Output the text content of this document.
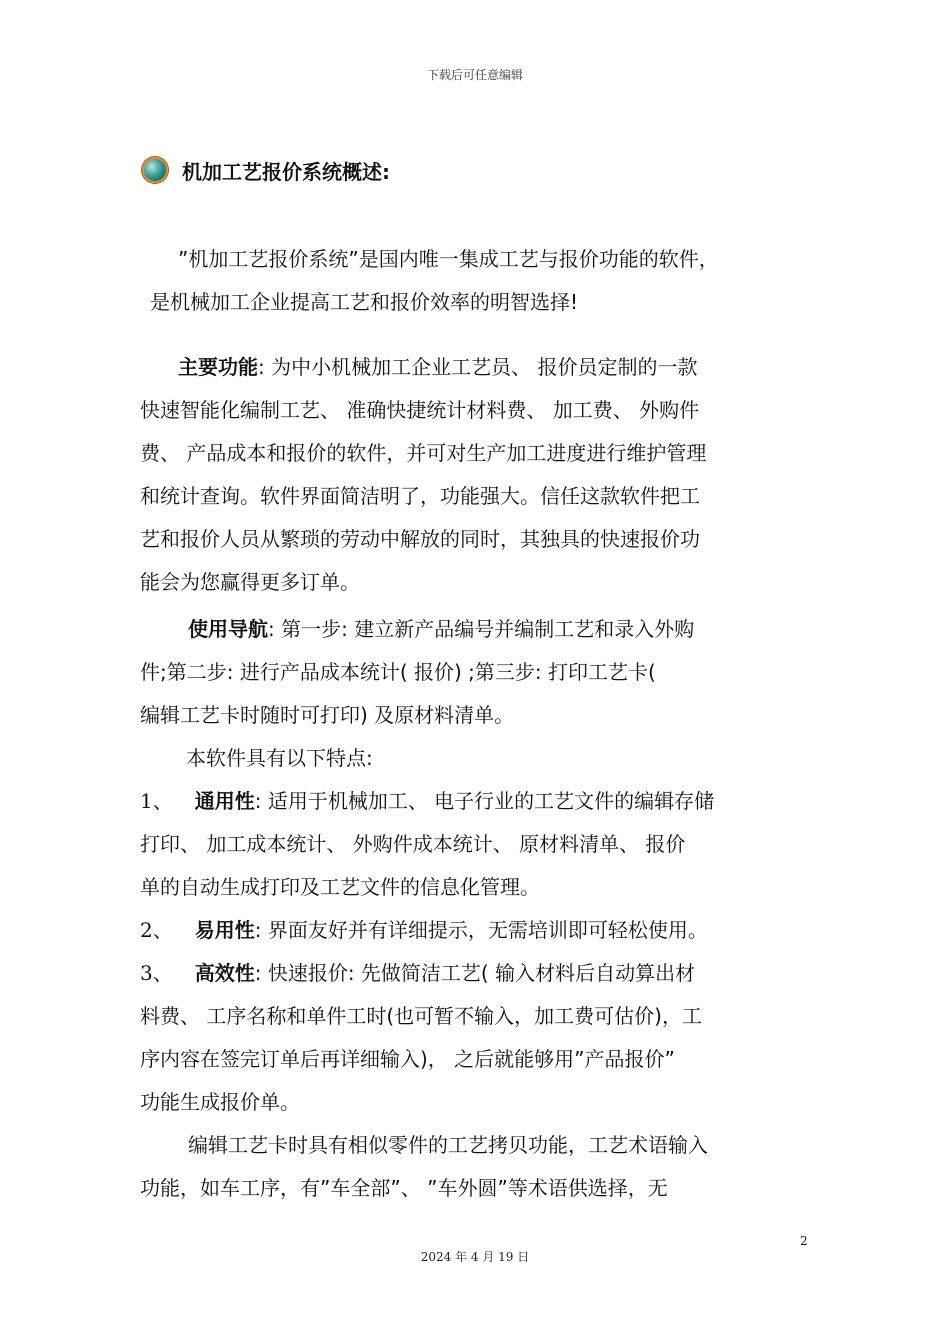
下载后可任意编辑
机加工艺报价系统概述:
”机加工艺报价系统”是国内唯一集成工艺与报价功能的软件，
是机械加工企业提高工艺和报价效率的明智选择!
主要功能: 为中小机械加工企业工艺员、 报价员定制的一款
快速智能化编制工艺、 准确快捷统计材料费、 加工费、 外购件
费、 产品成本和报价的软件，并可对生产加工进度进行维护管理
和统计查询。软件界面简洁明了，功能强大。信任这款软件把工
艺和报价人员从繁琐的劳动中解放的同时，其独具的快速报价功
能会为您赢得更多订单。
使用导航: 第一步: 建立新产品编号并编制工艺和录入外购
件;第二步: 进行产品成本统计( 报价) ;第三步: 打印工艺卡(
编辑工艺卡时随时可打印) 及原材料清单。
本软件具有以下特点:
1、 通用性: 适用于机械加工、 电子行业的工艺文件的编辑存储
打印、 加工成本统计、 外购件成本统计、 原材料清单、 报价
单的自动生成打印及工艺文件的信息化管理。
2、 易用性: 界面友好并有详细提示，无需培训即可轻松使用。
3、 高效性: 快速报价: 先做简洁工艺( 输入材料后自动算出材
料费、 工序名称和单件工时(也可暂不输入，加工费可估价)，工
序内容在签完订单后再详细输入)， 之后就能够用”产品报价”
功能生成报价单。
编辑工艺卡时具有相似零件的工艺拷贝功能，工艺术语输入
功能，如车工序，有”车全部”、 ”车外圆”等术语供选择，无
2
2024 年 4 月 19 日
